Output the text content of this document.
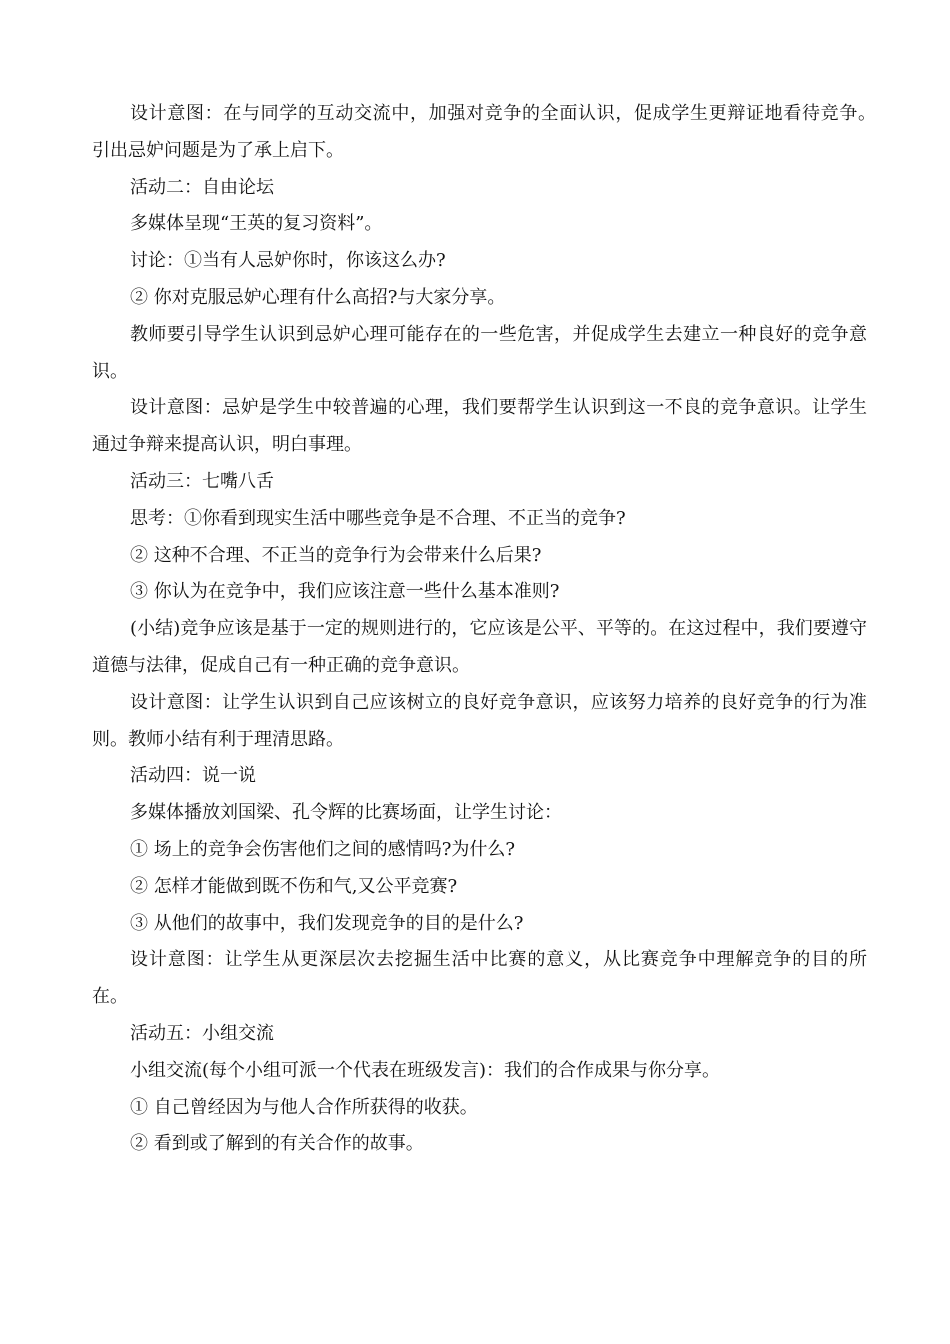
设计意图：在与同学的互动交流中，加强对竞争的全面认识，促成学生更辩证地看待竞争。　引出忌妒问题是为了承上启下。

活动二：自由论坛

多媒体呈现“王英的复习资料”。

讨论：①当有人忌妒你时，你该这么办?

② 你对克服忌妒心理有什么高招?与大家分享。

教师要引导学生认识到忌妒心理可能存在的一些危害，并促成学生去建立一种良好的竞争意识。

设计意图：忌妒是学生中较普遍的心理，我们要帮学生认识到这一不良的竞争意识。让学生通过争辩来提高认识，明白事理。

活动三：七嘴八舌

思考：①你看到现实生活中哪些竞争是不合理、不正当的竞争?

② 这种不合理、不正当的竞争行为会带来什么后果?

③ 你认为在竞争中，我们应该注意一些什么基本准则?

(小结)竞争应该是基于一定的规则进行的，它应该是公平、平等的。在这过程中，我们要遵守道德与法律，促成自己有一种正确的竞争意识。

设计意图：让学生认识到自己应该树立的良好竞争意识，应该努力培养的良好竞争的行为准则。教师小结有利于理清思路。

活动四：说一说

多媒体播放刘国梁、孔令辉的比赛场面，让学生讨论：

① 场上的竞争会伤害他们之间的感情吗?为什么?

② 怎样才能做到既不伤和气,又公平竞赛?

③ 从他们的故事中，我们发现竞争的目的是什么?

设计意图：让学生从更深层次去挖掘生活中比赛的意义，从比赛竞争中理解竞争的目的所在。

活动五：小组交流

小组交流(每个小组可派一个代表在班级发言)：我们的合作成果与你分享。

① 自己曾经因为与他人合作所获得的收获。

② 看到或了解到的有关合作的故事。
